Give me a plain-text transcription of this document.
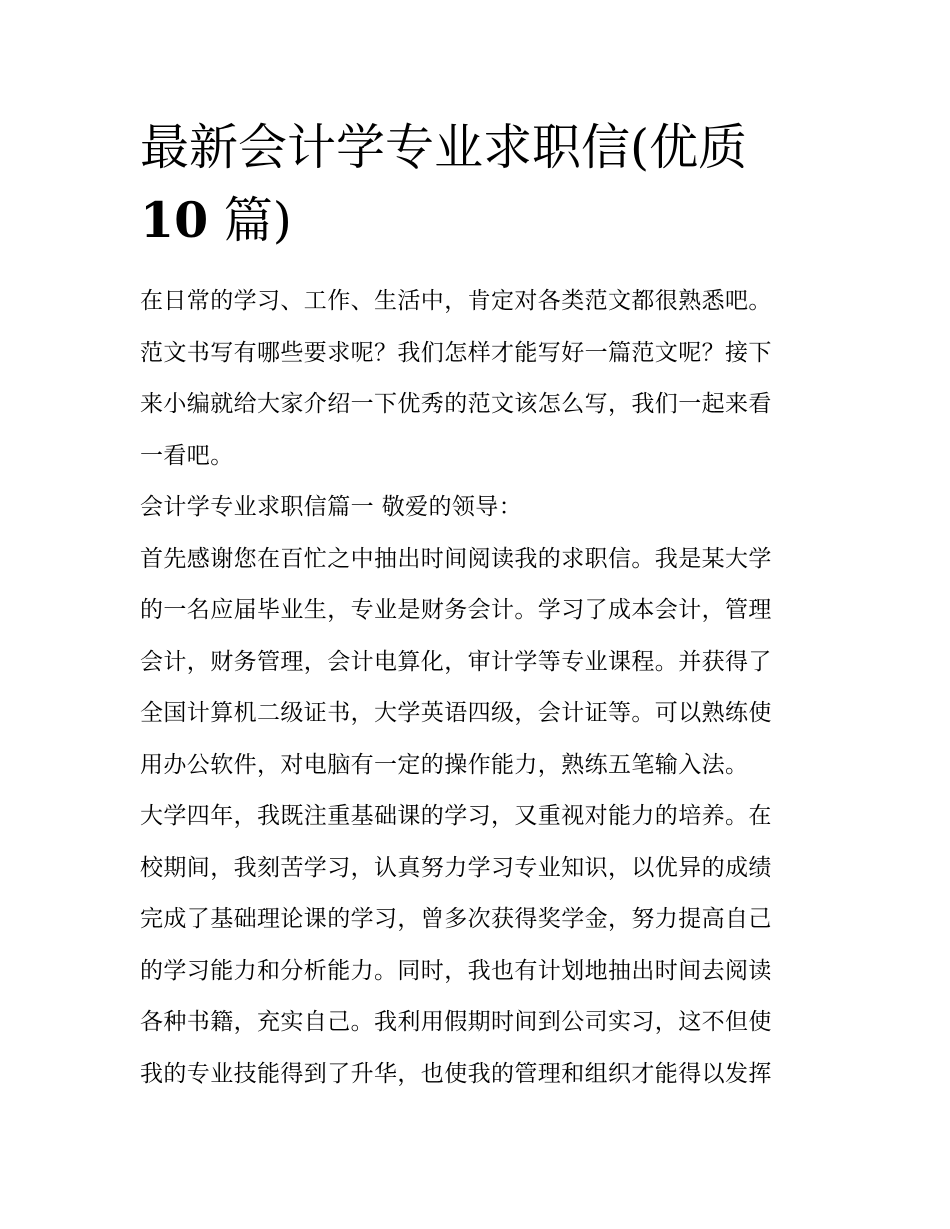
最新会计学专业求职信(优质
10 篇)
在日常的学习、工作、生活中，肯定对各类范文都很熟悉吧。
范文书写有哪些要求呢？我们怎样才能写好一篇范文呢？接下
来小编就给大家介绍一下优秀的范文该怎么写，我们一起来看
一看吧。
会计学专业求职信篇一 敬爱的领导：
首先感谢您在百忙之中抽出时间阅读我的求职信。我是某大学
的一名应届毕业生，专业是财务会计。学习了成本会计，管理
会计，财务管理，会计电算化，审计学等专业课程。并获得了
全国计算机二级证书，大学英语四级，会计证等。可以熟练使
用办公软件，对电脑有一定的操作能力，熟练五笔输入法。
大学四年，我既注重基础课的学习，又重视对能力的培养。在
校期间，我刻苦学习，认真努力学习专业知识，以优异的成绩
完成了基础理论课的学习，曾多次获得奖学金，努力提高自己
的学习能力和分析能力。同时，我也有计划地抽出时间去阅读
各种书籍，充实自己。我利用假期时间到公司实习，这不但使
我的专业技能得到了升华，也使我的管理和组织才能得以发挥
